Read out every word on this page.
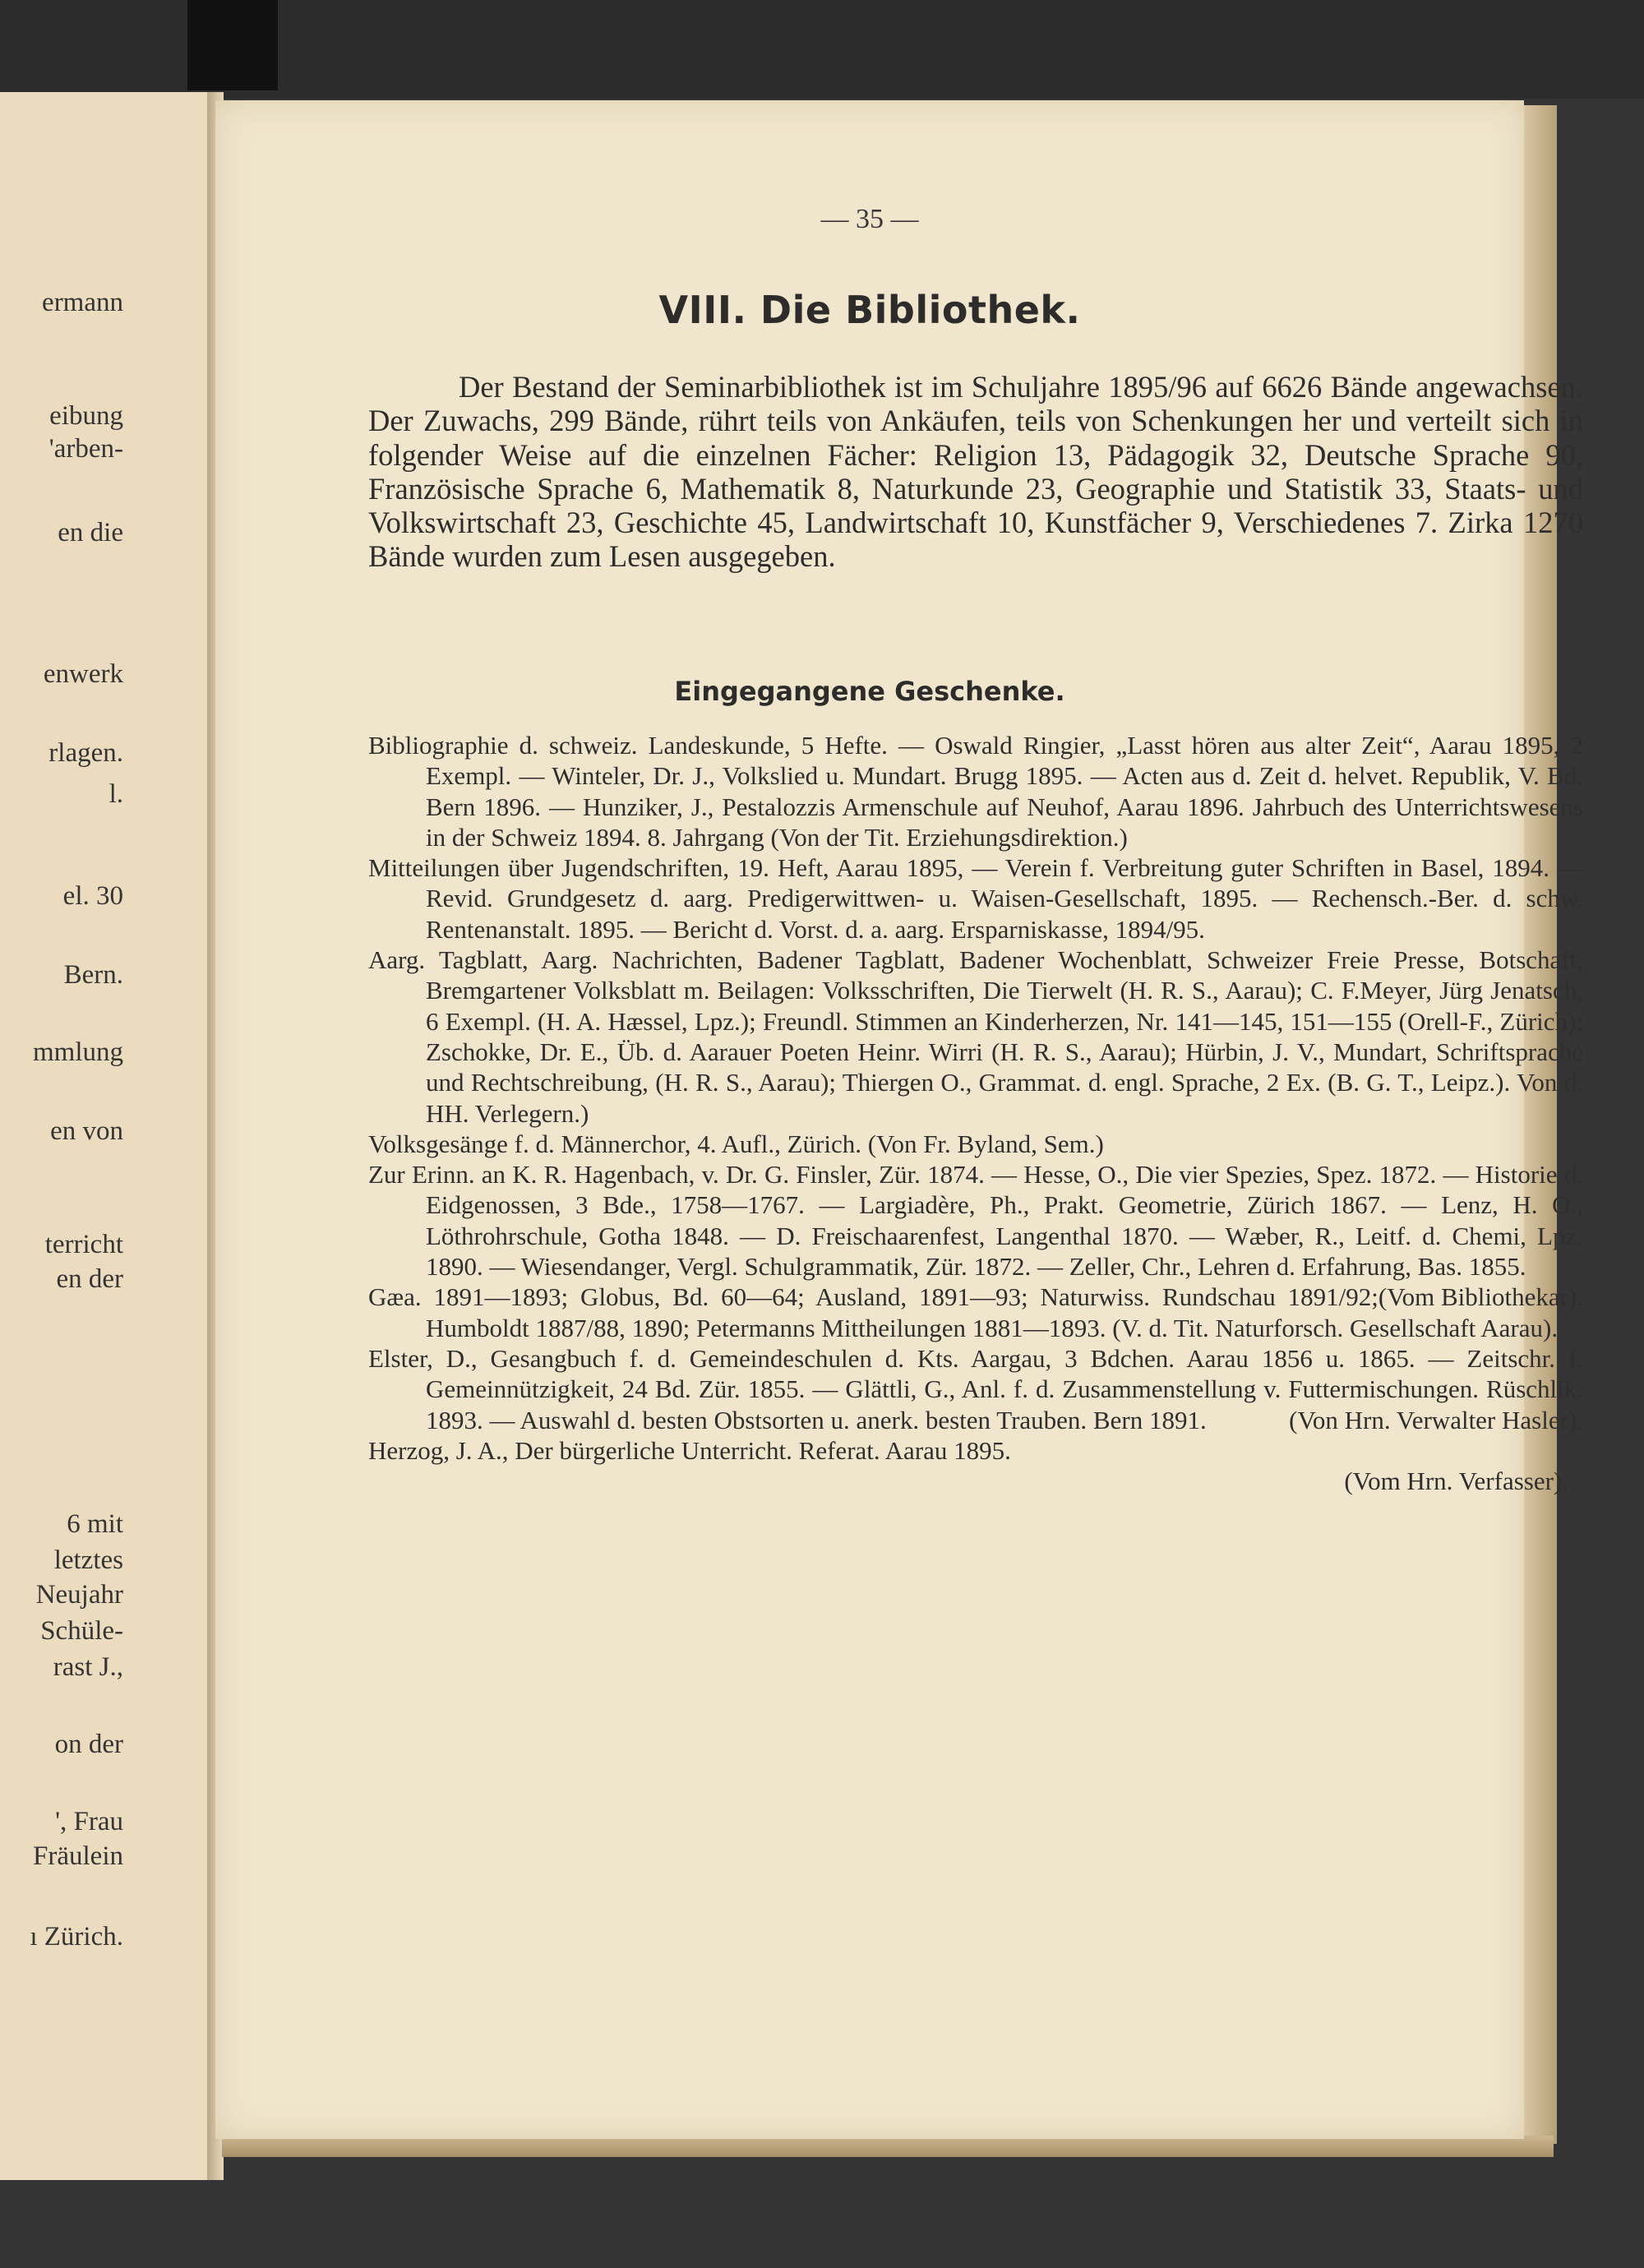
ermann
eibung
'arben-
en die
enwerk
rlagen.
l.
el. 30
Bern.
mmlung
en von
terricht
en der
6 mit
letztes
Neujahr
Schüle-
rast J.,
on der
', Frau
Fräulein
ı Zürich.
— 35 —
VIII. Die Bibliothek.
Der Bestand der Seminarbibliothek ist im Schuljahre 1895/96 auf 6626 Bände angewachsen. Der Zuwachs, 299 Bände, rührt teils von Ankäufen, teils von Schenkungen her und verteilt sich in folgender Weise auf die einzelnen Fächer: Religion 13, Pädagogik 32, Deutsche Sprache 90, Französische Sprache 6, Mathematik 8, Naturkunde 23, Geographie und Statistik 33, Staats- und Volkswirtschaft 23, Geschichte 45, Landwirtschaft 10, Kunstfächer 9, Verschiedenes 7. Zirka 1270 Bände wurden zum Lesen ausgegeben.
Eingegangene Geschenke.
Bibliographie d. schweiz. Landeskunde, 5 Hefte. — Oswald Ringier, „Lasst hören aus alter Zeit“, Aarau 1895, 2 Exempl. — Winteler, Dr. J., Volkslied u. Mundart. Brugg 1895. — Acten aus d. Zeit d. helvet. Republik, V. Bd. Bern 1896. — Hunziker, J., Pestalozzis Armenschule auf Neuhof, Aarau 1896. Jahrbuch des Unterrichtswesens in der Schweiz 1894. 8. Jahrgang (Von der Tit. Erziehungsdirektion.)
Mitteilungen über Jugendschriften, 19. Heft, Aarau 1895, — Verein f. Verbreitung guter Schriften in Basel, 1894. — Revid. Grundgesetz d. aarg. Predigerwittwen- u. Waisen-Gesellschaft, 1895. — Rechensch.-Ber. d. schw. Rentenanstalt. 1895. — Bericht d. Vorst. d. a. aarg. Ersparniskasse, 1894/95.
Aarg. Tagblatt, Aarg. Nachrichten, Badener Tagblatt, Badener Wochenblatt, Schweizer Freie Presse, Botschaft, Bremgartener Volksblatt m. Beilagen: Volksschriften, Die Tierwelt (H. R. S., Aarau); C. F.Meyer, Jürg Jenatsch, 6 Exempl. (H. A. Hæssel, Lpz.); Freundl. Stimmen an Kinderherzen, Nr. 141—145, 151—155 (Orell-F., Zürich); Zschokke, Dr. E., Üb. d. Aarauer Poeten Heinr. Wirri (H. R. S., Aarau); Hürbin, J. V., Mundart, Schriftsprache und Rechtschreibung, (H. R. S., Aarau); Thiergen O., Grammat. d. engl. Sprache, 2 Ex. (B. G. T., Leipz.). Von d. HH. Verlegern.)
Volksgesänge f. d. Männerchor, 4. Aufl., Zürich. (Von Fr. Byland, Sem.)
Zur Erinn. an K. R. Hagenbach, v. Dr. G. Finsler, Zür. 1874. — Hesse, O., Die vier Spezies, Spez. 1872. — Historie d. Eidgenossen, 3 Bde., 1758—1767. — Largiadère, Ph., Prakt. Geometrie, Zürich 1867. — Lenz, H. O., Löthrohrschule, Gotha 1848. — D. Freischaarenfest, Langenthal 1870. — Wæber, R., Leitf. d. Chemi, Lpz. 1890. — Wiesendanger, Vergl. Schulgrammatik, Zür. 1872. — Zeller, Chr., Lehren d. Erfahrung, Bas. 1855.
(Vom Bibliothekar).
Gæa. 1891—1893; Globus, Bd. 60—64; Ausland, 1891—93; Naturwiss. Rundschau 1891/92; Humboldt 1887/88, 1890; Petermanns Mittheilungen 1881—1893. (V. d. Tit. Naturforsch. Gesellschaft Aarau).
Elster, D., Gesangbuch f. d. Gemeindeschulen d. Kts. Aargau, 3 Bdchen. Aarau 1856 u. 1865. — Zeitschr. f. Gemeinnützigkeit, 24 Bd. Zür. 1855. — Glättli, G., Anl. f. d. Zusammenstellung v. Futtermischungen. Rüschlik. 1893. — Auswahl d. besten Obstsorten u. anerk. besten Trauben. Bern 1891.	(Von Hrn. Verwalter Hasler).
Herzog, J. A., Der bürgerliche Unterricht. Referat. Aarau 1895.
(Vom Hrn. Verfasser).
